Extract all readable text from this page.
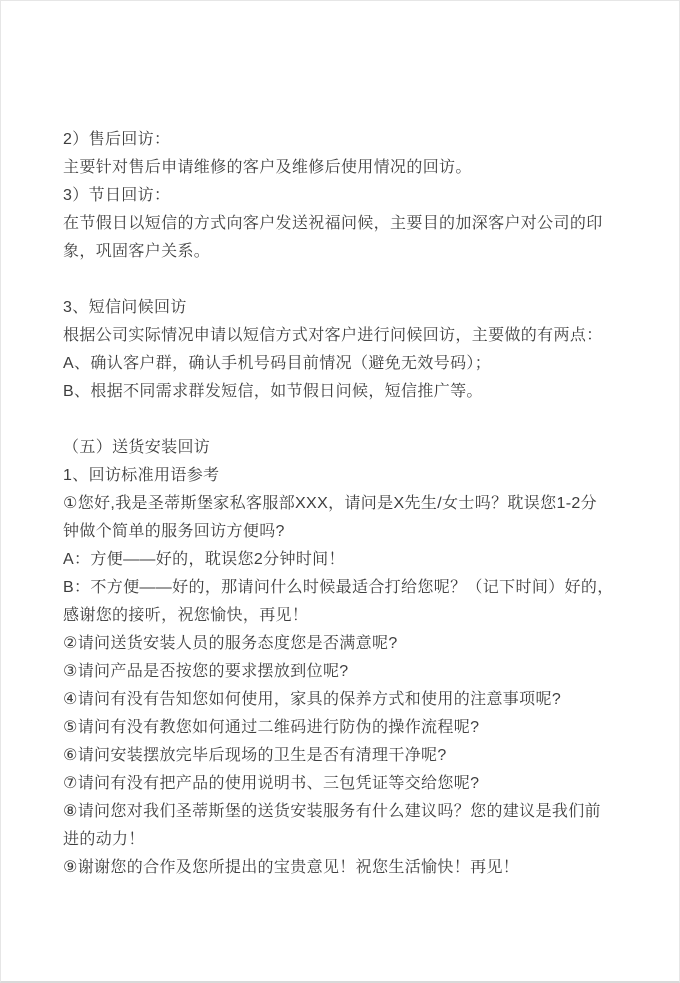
2）售后回访：
主要针对售后申请维修的客户及维修后使用情况的回访。
3）节日回访：
在节假日以短信的方式向客户发送祝福问候，主要目的加深客户对公司的印
象，巩固客户关系。
3、短信问候回访
根据公司实际情况申请以短信方式对客户进行问候回访，主要做的有两点：
A、确认客户群，确认手机号码目前情况（避免无效号码）；
B、根据不同需求群发短信，如节假日问候，短信推广等。
（五）送货安装回访
1、回访标准用语参考
①您好,我是圣蒂斯堡家私客服部XXX，请问是X先生/女士吗？耽误您1-2分
钟做个简单的服务回访方便吗?
A：方便——好的，耽误您2分钟时间！
B：不方便——好的，那请问什么时候最适合打给您呢？（记下时间）好的，
感谢您的接听，祝您愉快，再见！
②请问送货安装人员的服务态度您是否满意呢?
③请问产品是否按您的要求摆放到位呢?
④请问有没有告知您如何使用，家具的保养方式和使用的注意事项呢?
⑤请问有没有教您如何通过二维码进行防伪的操作流程呢?
⑥请问安装摆放完毕后现场的卫生是否有清理干净呢?
⑦请问有没有把产品的使用说明书、三包凭证等交给您呢?
⑧请问您对我们圣蒂斯堡的送货安装服务有什么建议吗？您的建议是我们前
进的动力！
⑨谢谢您的合作及您所提出的宝贵意见！祝您生活愉快！再见！
